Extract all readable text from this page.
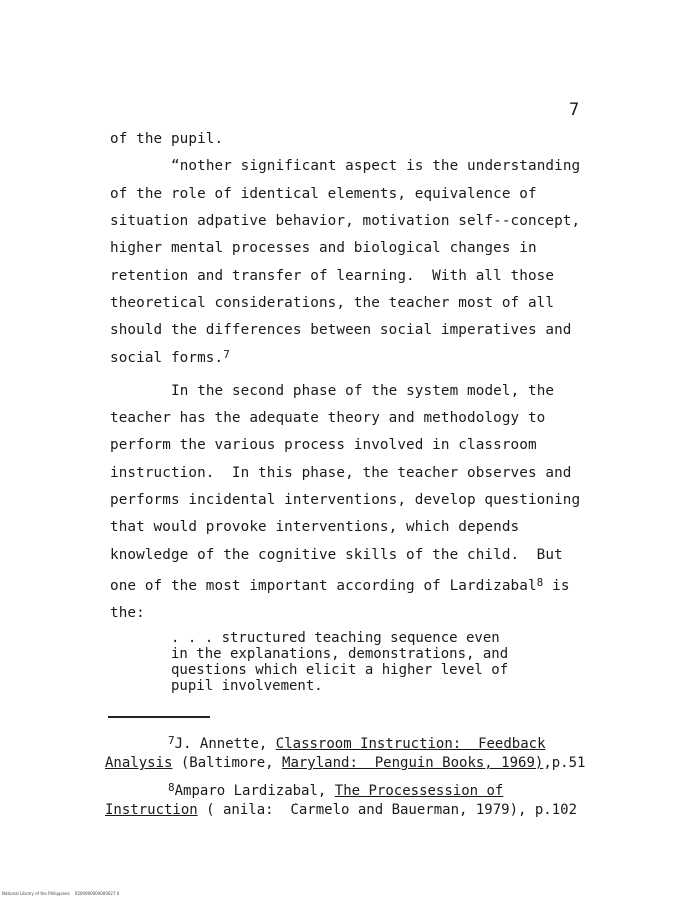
7
of the pupil.
“nother significant aspect is the understanding
of the role of identical elements, equivalence of
situation adpative behavior, motivation self--concept,
higher mental processes and biological changes in
retention and transfer of learning.  With all those
theoretical considerations, the teacher most of all
should the differences between social imperatives and
social forms.$^7$
In the second phase of the system model, the
teacher has the adequate theory and methodology to
perform the various process involved in classroom
instruction.  In this phase, the teacher observes and
performs incidental interventions, develop questioning
that would provoke interventions, which depends
knowledge of the cognitive skills of the child.  But
one of the most important according of Lardizabal$^8$ is
the:
. . . structured teaching sequence even
in the explanations, demonstrations, and
questions which elicit a higher level of
pupil involvement.
$^7$J. Annette, Classroom Instruction:  Feedback
Analysis (Baltimore, Maryland:  Penguin Books, 1969),p.51
$^8$Amparo Lardizabal, The Processession of
Instruction ( anila:  Carmelo and Bauerman, 1979), p.102
National Library of the Philippines    0209090000000027 II
